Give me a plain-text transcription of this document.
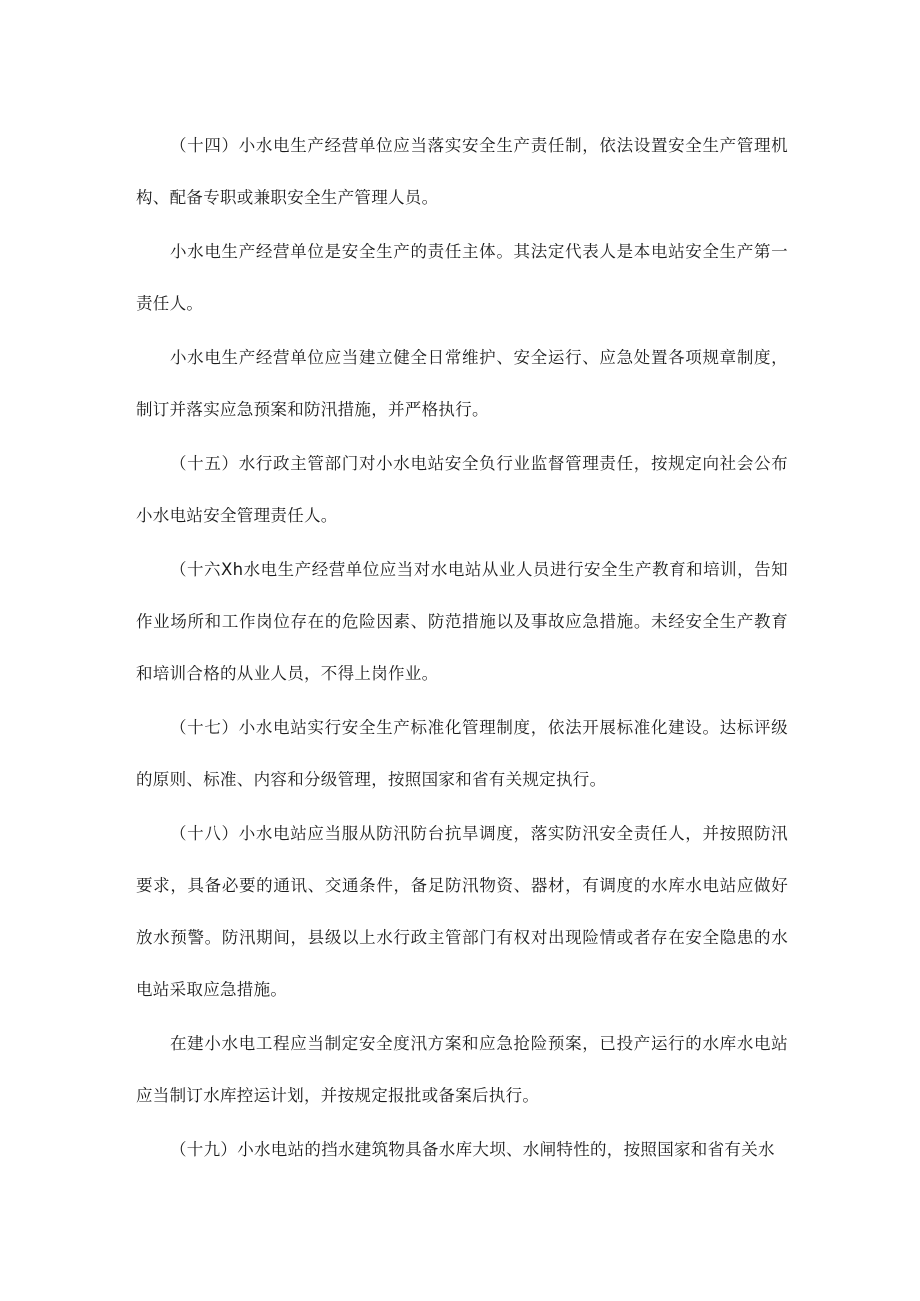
（十四）小水电生产经营单位应当落实安全生产责任制，依法设置安全生产管理机构、配备专职或兼职安全生产管理人员。

小水电生产经营单位是安全生产的责任主体。其法定代表人是本电站安全生产第一责任人。

小水电生产经营单位应当建立健全日常维护、安全运行、应急处置各项规章制度，制订并落实应急预案和防汛措施，并严格执行。

（十五）水行政主管部门对小水电站安全负行业监督管理责任，按规定向社会公布小水电站安全管理责任人。

（十六Xh水电生产经营单位应当对水电站从业人员进行安全生产教育和培训，告知作业场所和工作岗位存在的危险因素、防范措施以及事故应急措施。未经安全生产教育和培训合格的从业人员，不得上岗作业。

（十七）小水电站实行安全生产标准化管理制度，依法开展标准化建设。达标评级的原则、标准、内容和分级管理，按照国家和省有关规定执行。

（十八）小水电站应当服从防汛防台抗旱调度，落实防汛安全责任人，并按照防汛要求，具备必要的通讯、交通条件，备足防汛物资、器材，有调度的水库水电站应做好放水预警。防汛期间，县级以上水行政主管部门有权对出现险情或者存在安全隐患的水电站采取应急措施。

在建小水电工程应当制定安全度汛方案和应急抢险预案，已投产运行的水库水电站应当制订水库控运计划，并按规定报批或备案后执行。

（十九）小水电站的挡水建筑物具备水库大坝、水闸特性的，按照国家和省有关水
